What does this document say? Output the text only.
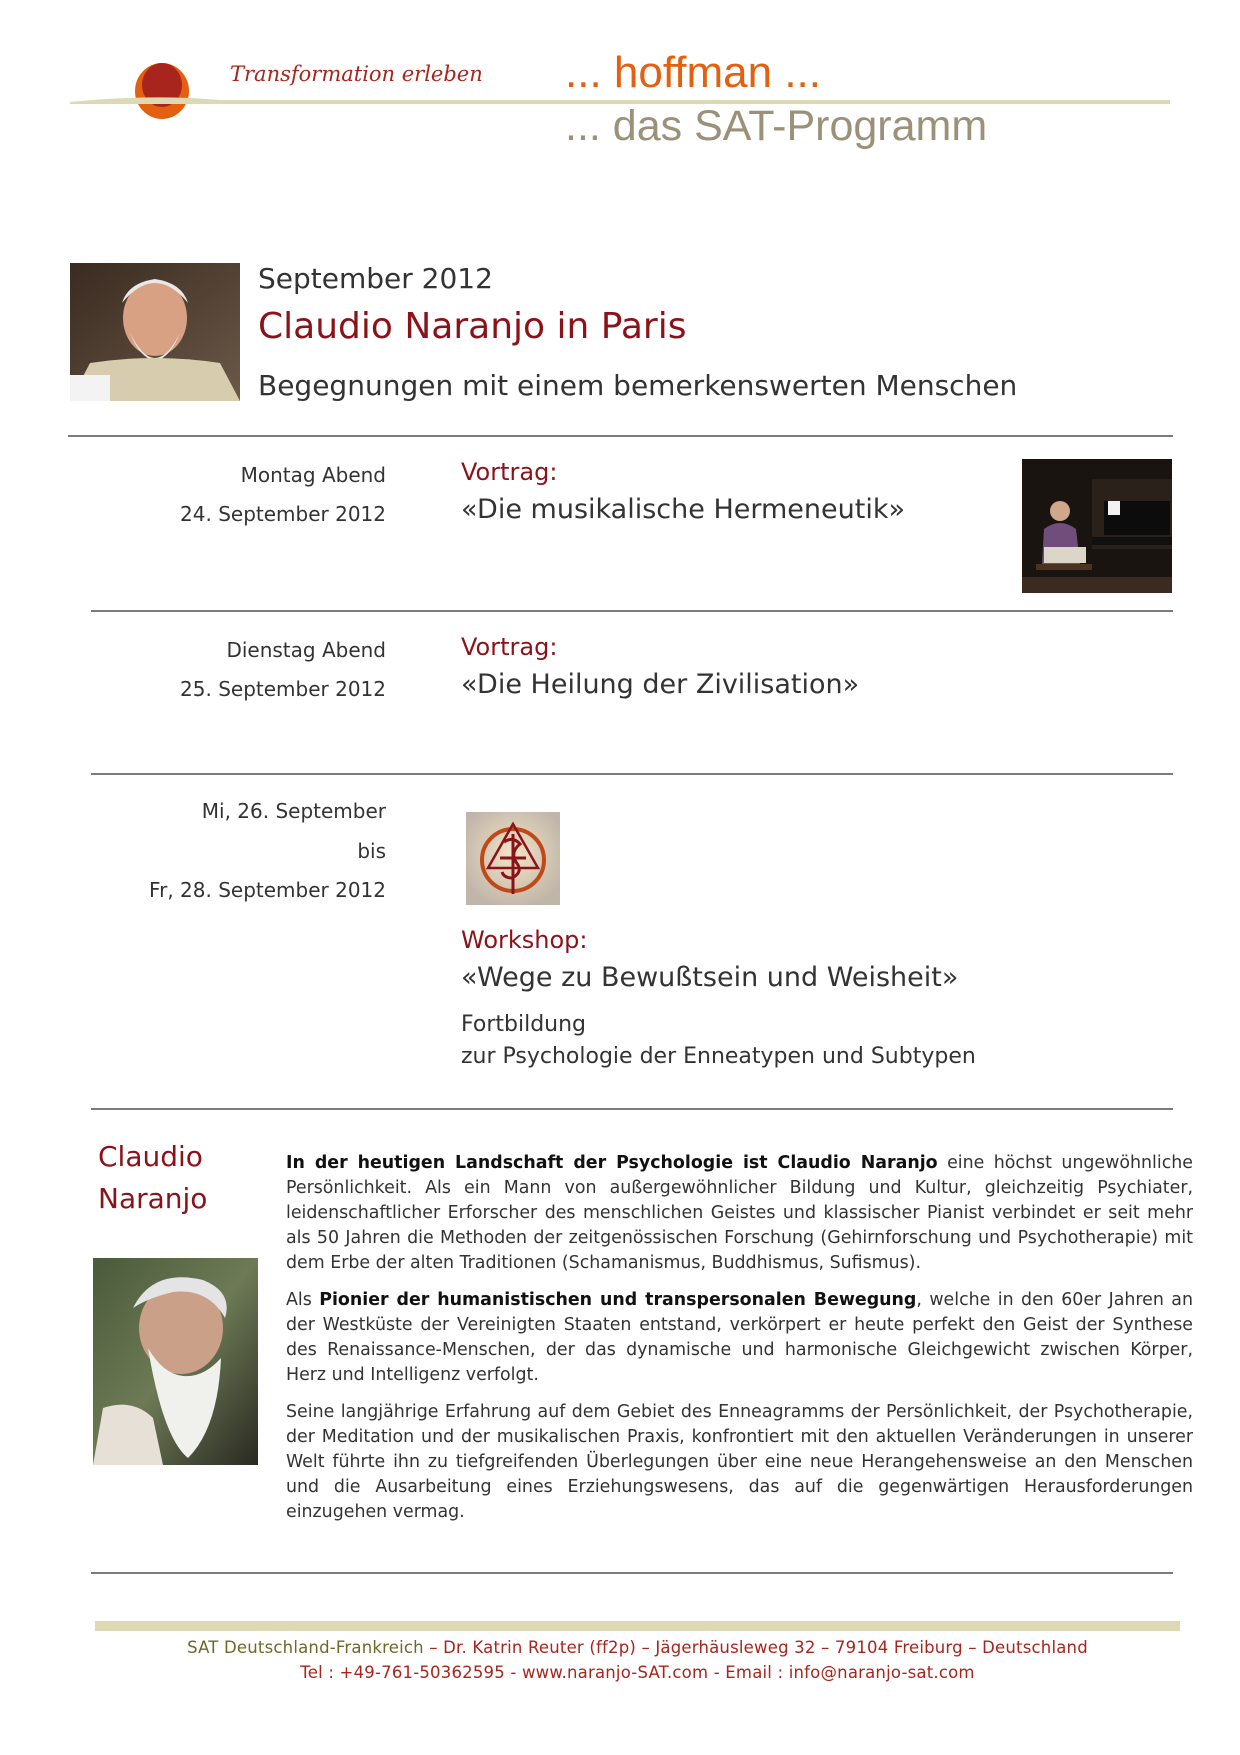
Transformation erleben ... hoffman ...
... das SAT-Programm
September 2012
Claudio Naranjo in Paris
Begegnungen mit einem bemerkenswerten Menschen
Montag Abend
24. September 2012
Vortrag:
«Die musikalische Hermeneutik»
Dienstag Abend
25. September 2012
Vortrag:
«Die Heilung der Zivilisation»
Mi, 26. September
bis
Fr, 28. September 2012
Workshop:
«Wege zu Bewußtsein und Weisheit»
Fortbildung
zur Psychologie der Enneatypen und Subtypen
Claudio
Naranjo

In der heutigen Landschaft der Psychologie ist Claudio Naranjo eine höchst ungewöhnliche Persönlichkeit. Als ein Mann von außergewöhnlicher Bildung und Kultur, gleichzeitig Psychiater, leidenschaftlicher Erforscher des menschlichen Geistes und klassischer Pianist verbindet er seit mehr als 50 Jahren die Methoden der zeitgenössischen Forschung (Gehirnforschung und Psychotherapie) mit dem Erbe der alten Traditionen (Schamanismus, Buddhismus, Sufismus).

Als Pionier der humanistischen und transpersonalen Bewegung, welche in den 60er Jahren an der Westküste der Vereinigten Staaten entstand, verkörpert er heute perfekt den Geist der Synthese des Renaissance-Menschen, der das dynamische und harmonische Gleichgewicht zwischen Körper, Herz und Intelligenz verfolgt.

Seine langjährige Erfahrung auf dem Gebiet des Enneagramms der Persönlichkeit, der Psychotherapie, der Meditation und der musikalischen Praxis, konfrontiert mit den aktuellen Veränderungen in unserer Welt führte ihn zu tiefgreifenden Überlegungen über eine neue Herangehensweise an den Menschen und die Ausarbeitung eines Erziehungswesens, das auf die gegenwärtigen Herausforderungen einzugehen vermag.

SAT Deutschland-Frankreich – Dr. Katrin Reuter (ff2p) – Jägerhäusleweg 32 – 79104 Freiburg – Deutschland
Tel : +49-761-50362595 - www.naranjo-SAT.com - Email : info@naranjo-sat.com
